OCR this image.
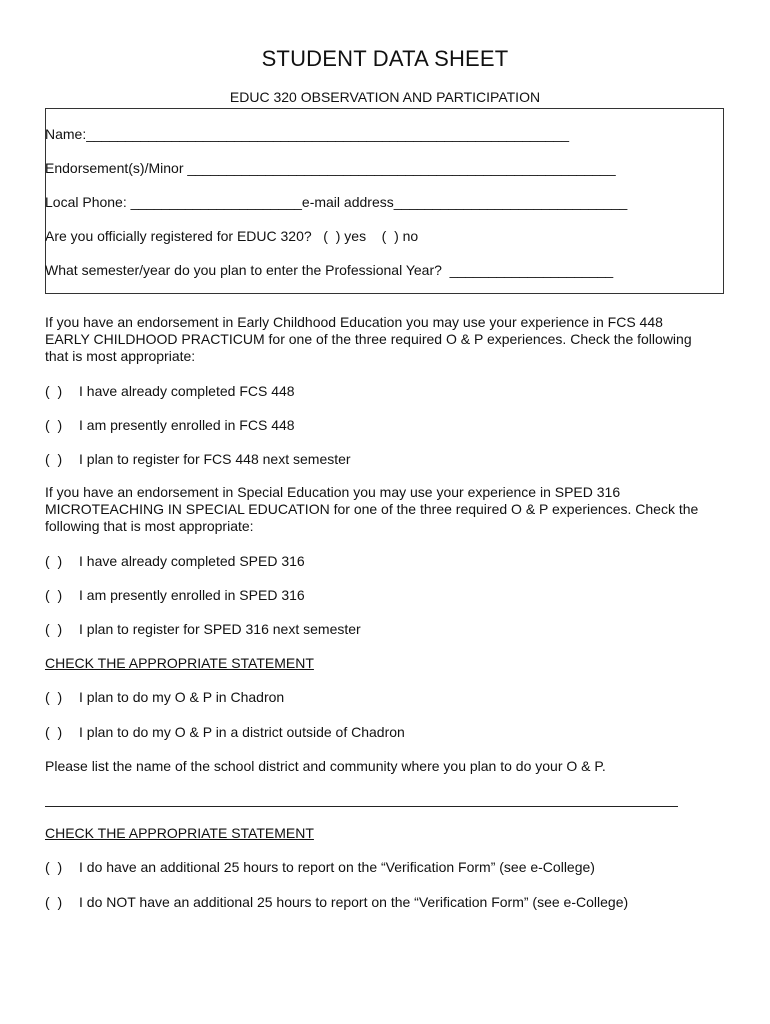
STUDENT DATA SHEET
EDUC 320 OBSERVATION AND PARTICIPATION
Name:______________________________________________________________
Endorsement(s)/Minor _______________________________________________________
Local Phone: ______________________e-mail address______________________________
Are you officially registered for EDUC 320?   (  ) yes    (  ) no
What semester/year do you plan to enter the Professional Year?  _____________________
If you have an endorsement in Early Childhood Education you may use your experience in FCS 448 EARLY CHILDHOOD PRACTICUM for one of the three required O & P experiences. Check the following that is most appropriate:
(  ) I have already completed FCS 448
(  ) I am presently enrolled in FCS 448
(  ) I plan to register for FCS 448 next semester
If you have an endorsement in Special Education you may use your experience in SPED 316 MICROTEACHING IN SPECIAL EDUCATION for one of the three required O & P experiences. Check the following that is most appropriate:
(  ) I have already completed SPED 316
(  ) I am presently enrolled in SPED 316
(  ) I plan to register for SPED 316 next semester
CHECK THE APPROPRIATE STATEMENT
(  ) I plan to do my O & P in Chadron
(  ) I plan to do my O & P in a district outside of Chadron
Please list the name of the school district and community where you plan to do your O & P.
CHECK THE APPROPRIATE STATEMENT
(  ) I do have an additional 25 hours to report on the “Verification Form” (see e-College)
(  ) I do NOT have an additional 25 hours to report on the “Verification Form” (see e-College)
